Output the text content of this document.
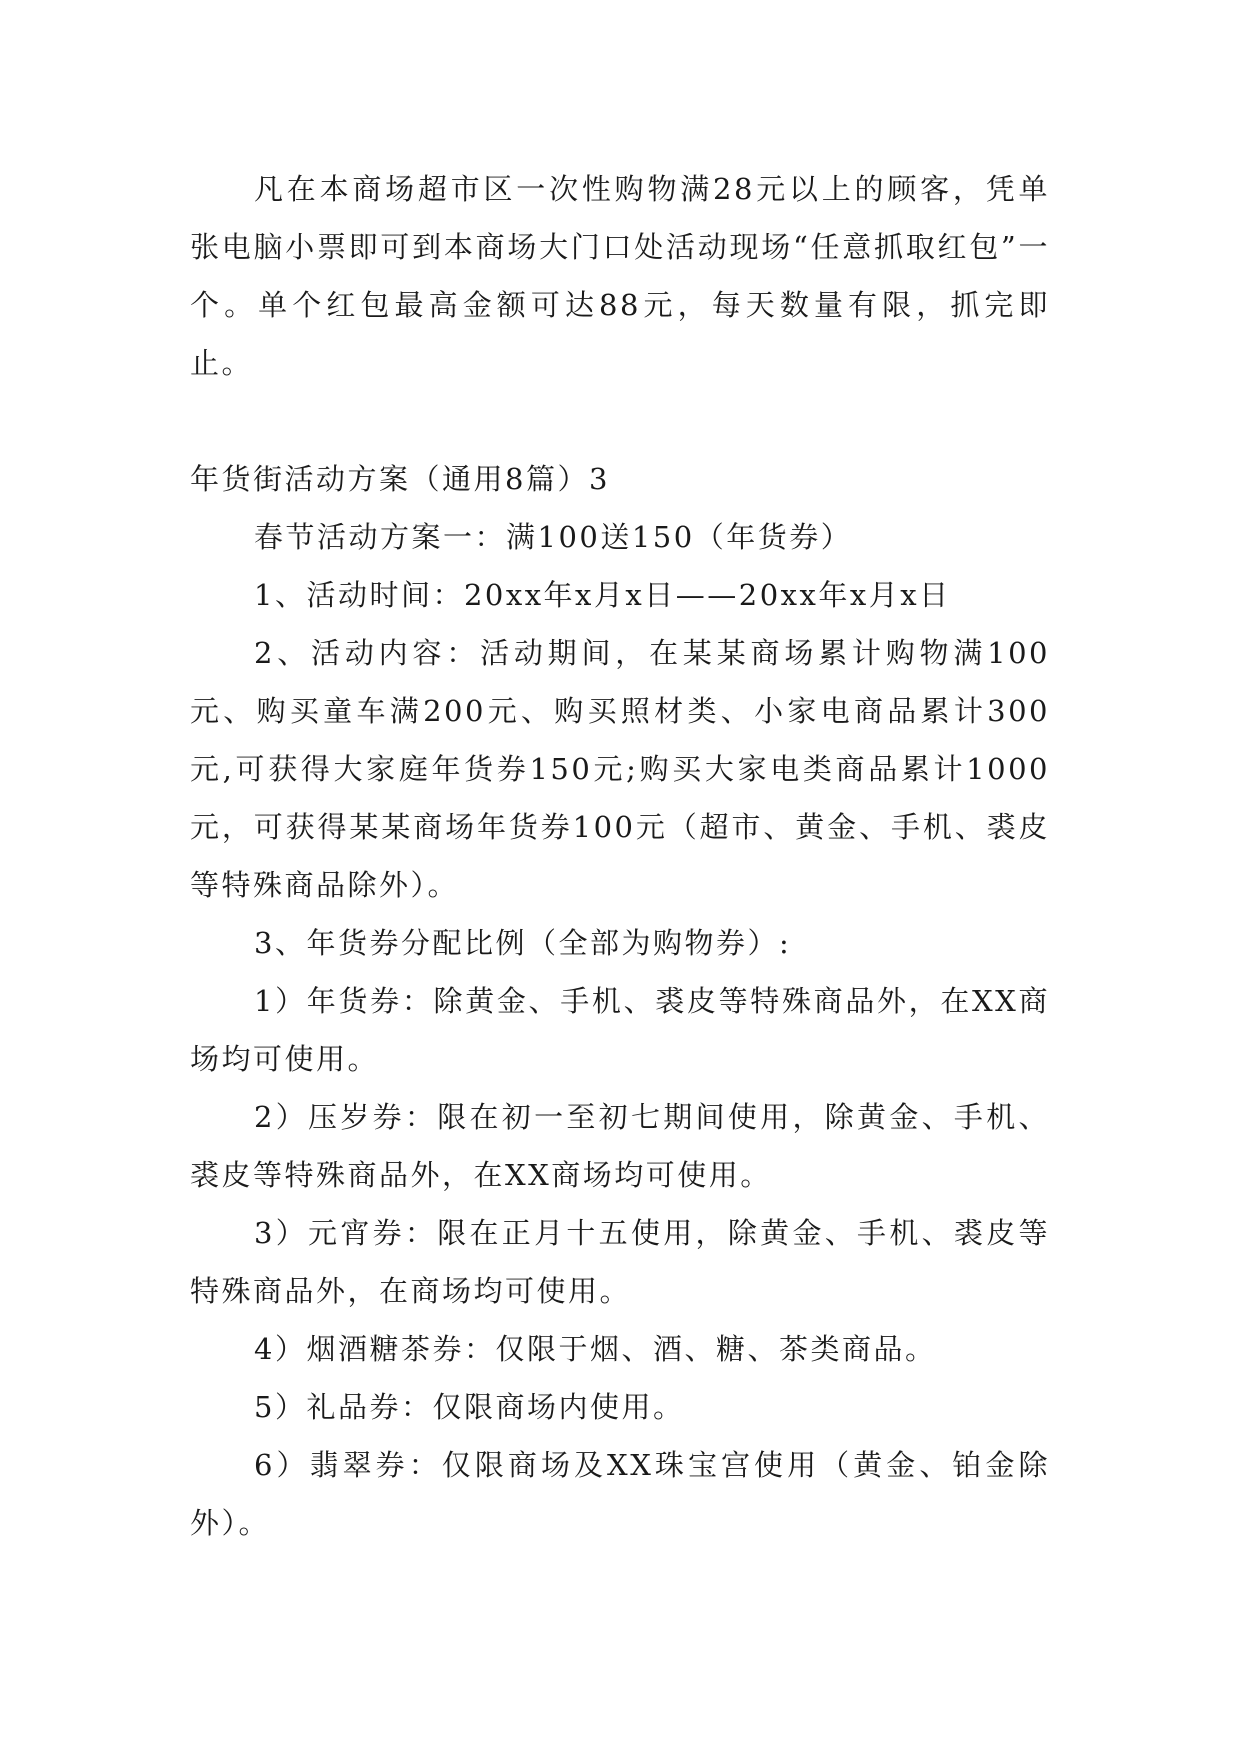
凡在本商场超市区一次性购物满28元以上的顾客，凭单张电脑小票即可到本商场大门口处活动现场“任意抓取红包”一个。单个红包最高金额可达88元，每天数量有限，抓完即止。

年货街活动方案（通用8篇）3

春节活动方案一：满100送150（年货券）

1、活动时间：20xx年x月x日——20xx年x月x日

2、活动内容：活动期间，在某某商场累计购物满100元、购买童车满200元、购买照材类、小家电商品累计300元,可获得大家庭年货券150元;购买大家电类商品累计1000元，可获得某某商场年货券100元（超市、黄金、手机、裘皮等特殊商品除外）。

3、年货券分配比例（全部为购物券）:

1）年货券：除黄金、手机、裘皮等特殊商品外，在XX商场均可使用。

2）压岁券：限在初一至初七期间使用，除黄金、手机、裘皮等特殊商品外，在XX商场均可使用。

3）元宵券：限在正月十五使用，除黄金、手机、裘皮等特殊商品外，在商场均可使用。

4）烟酒糖茶券：仅限于烟、酒、糖、茶类商品。

5）礼品券：仅限商场内使用。

6）翡翠券：仅限商场及XX珠宝宫使用（黄金、铂金除外）。
